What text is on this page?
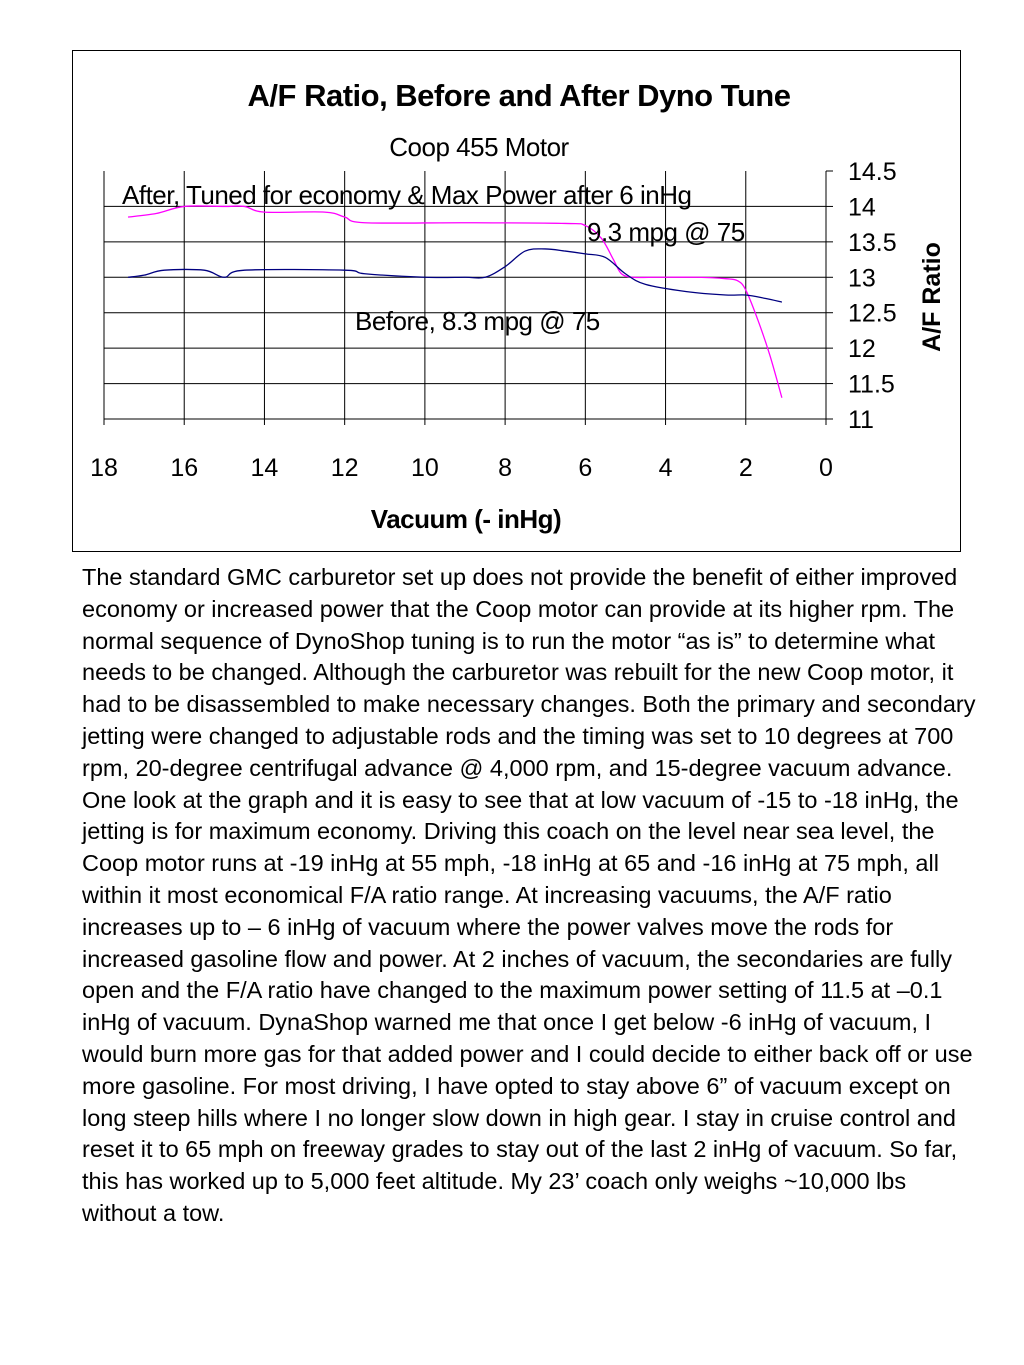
18 16 14 12 10 8	6	4	2	0
14.5
14
13.5
13
12.5
12
11.5
11
A/F Ratio, Before and After Dyno Tune
Coop 455 Motor
After, Tuned for economy & Max Power after 6 inHg
9.3 mpg @ 75
Before, 8.3 mpg @ 75
Vacuum (- inHg)
A/F Ratio

The standard GMC carburetor set up does not provide the benefit of either improved economy or increased power that the Coop motor can provide at its higher rpm. The normal sequence of DynoShop tuning is to run the motor “as is” to determine what needs to be changed. Although the carburetor was rebuilt for the new Coop motor, it had to be disassembled to make necessary changes. Both the primary and secondary jetting were changed to adjustable rods and the timing was set to 10 degrees at 700 rpm, 20-degree centrifugal advance @ 4,000 rpm, and 15-degree vacuum advance.

One look at the graph and it is easy to see that at low vacuum of -15 to -18 inHg, the jetting is for maximum economy. Driving this coach on the level near sea level, the Coop motor runs at -19 inHg at 55 mph, -18 inHg at 65 and -16 inHg at 75 mph, all within it most economical F/A ratio range. At increasing vacuums, the A/F ratio increases up to – 6 inHg of vacuum where the power valves move the rods for increased gasoline flow and power. At 2 inches of vacuum, the secondaries are fully open and the F/A ratio have changed to the maximum power setting of 11.5 at –0.1 inHg of vacuum. DynaShop warned me that once I get below -6 inHg of vacuum, I would burn more gas for that added power and I could decide to either back off or use more gasoline. For most driving, I have opted to stay above 6” of vacuum except on long steep hills where I no longer slow down in high gear. I stay in cruise control and reset it to 65 mph on freeway grades to stay out of the last 2 inHg of vacuum. So far, this has worked up to 5,000 feet altitude. My 23’ coach only weighs ~10,000 lbs without a tow.
